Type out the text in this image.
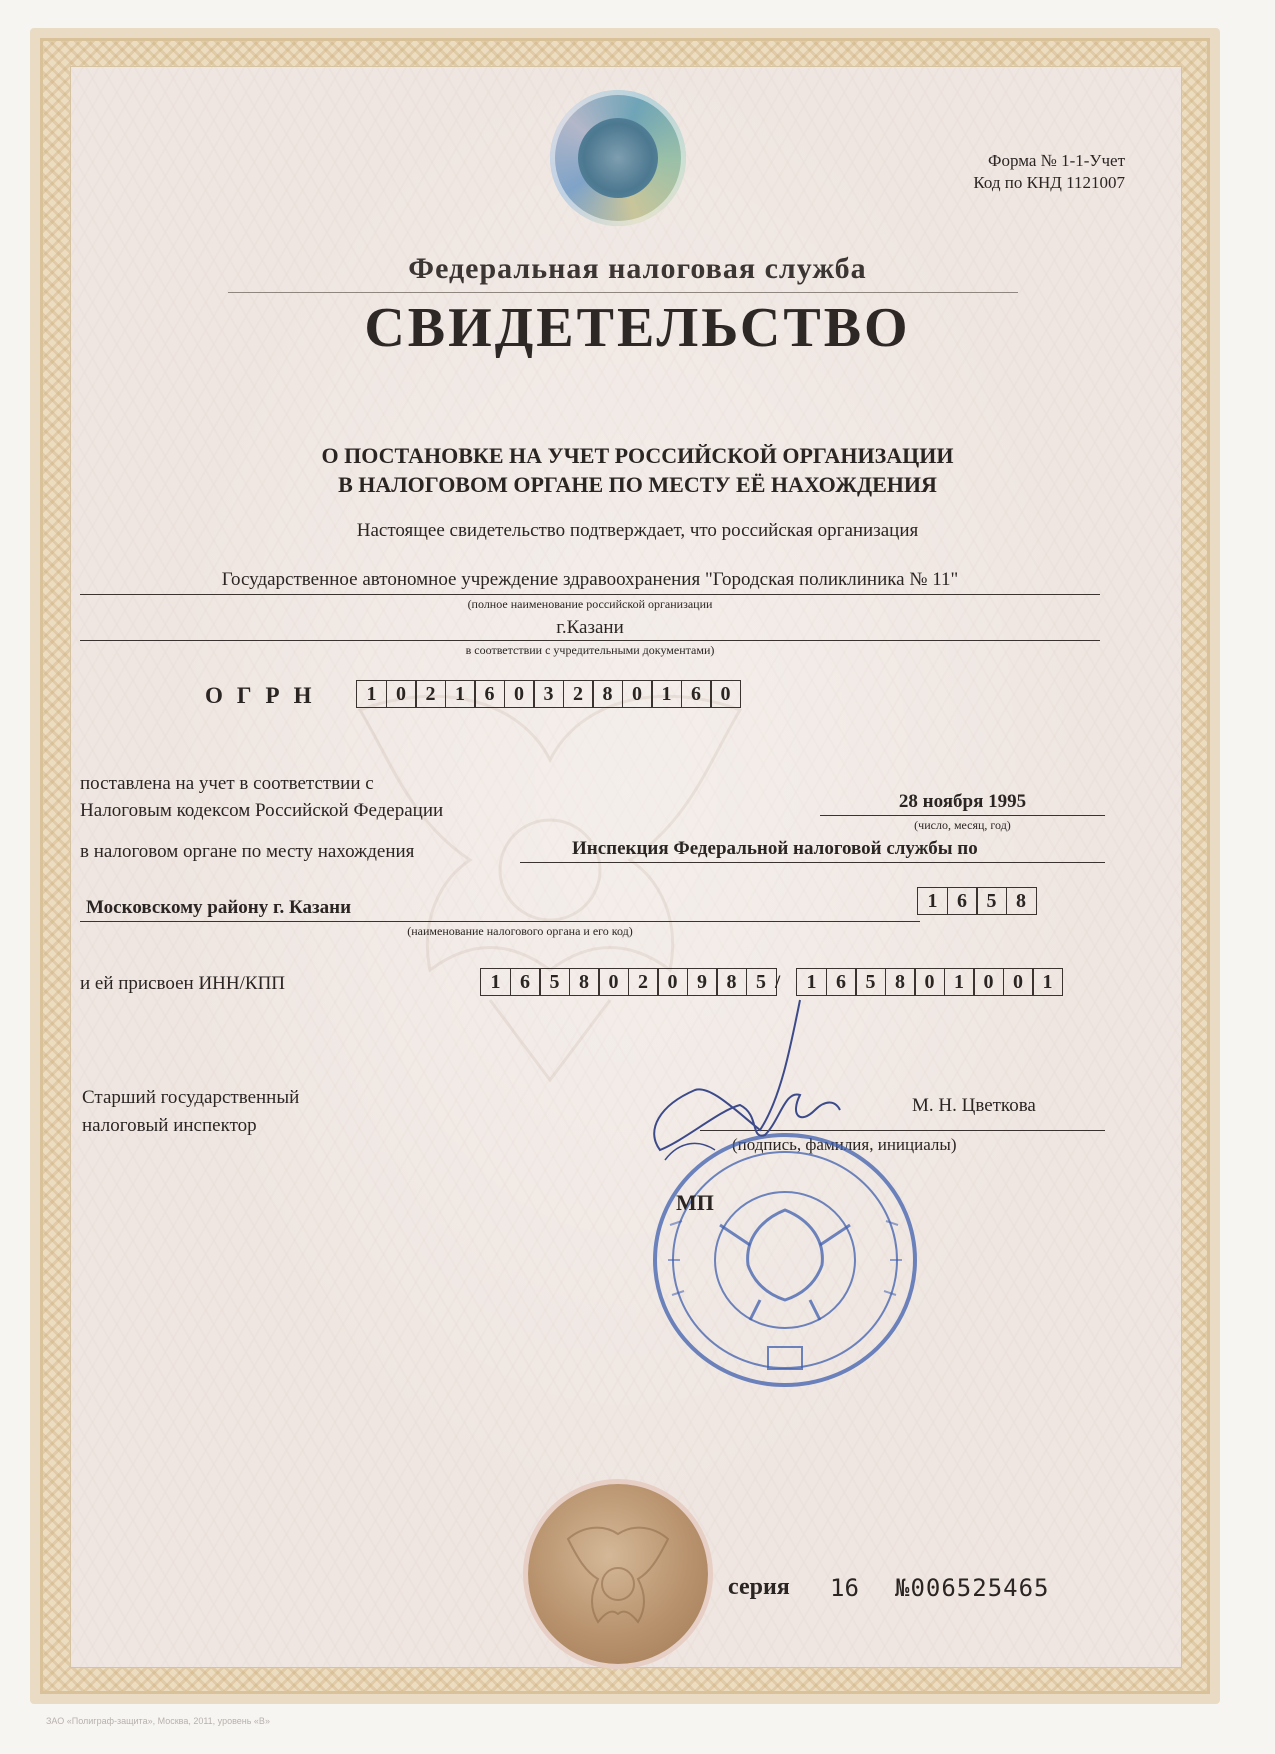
Форма № 1-1-Учет
Код по КНД 1121007
Федеральная налоговая служба
СВИДЕТЕЛЬСТВО
О ПОСТАНОВКЕ НА УЧЕТ РОССИЙСКОЙ ОРГАНИЗАЦИИ
В НАЛОГОВОМ ОРГАНЕ ПО МЕСТУ ЕЁ НАХОЖДЕНИЯ
Настоящее свидетельство подтверждает, что российская организация
Государственное автономное учреждение здравоохранения "Городская поликлиника № 11"
(полное наименование российской организации
г.Казани
в соответствии с учредительными документами)
ОГРН	1 0 2 1 6 0 3 2 8 0 1 6 0
поставлена на учет в соответствии с
Налоговым кодексом Российской Федерации	28 ноября 1995
(число, месяц, год)
в налоговом органе по месту нахождения	Инспекция Федеральной налоговой службы по
Московскому району г. Казани	1 6 5 8
(наименование налогового органа и его код)
и ей присвоен ИНН/КПП	1 6 5 8 0 2 0 9 8 5 /	1 6 5 8 0 1 0 0 1
Старший государственный
налоговый инспектор
М. Н. Цветкова
(подпись, фамилия, инициалы)
МП
серия 16 №006525465
ЗАО «Полиграф-защита», Москва, 2011, уровень «В»
